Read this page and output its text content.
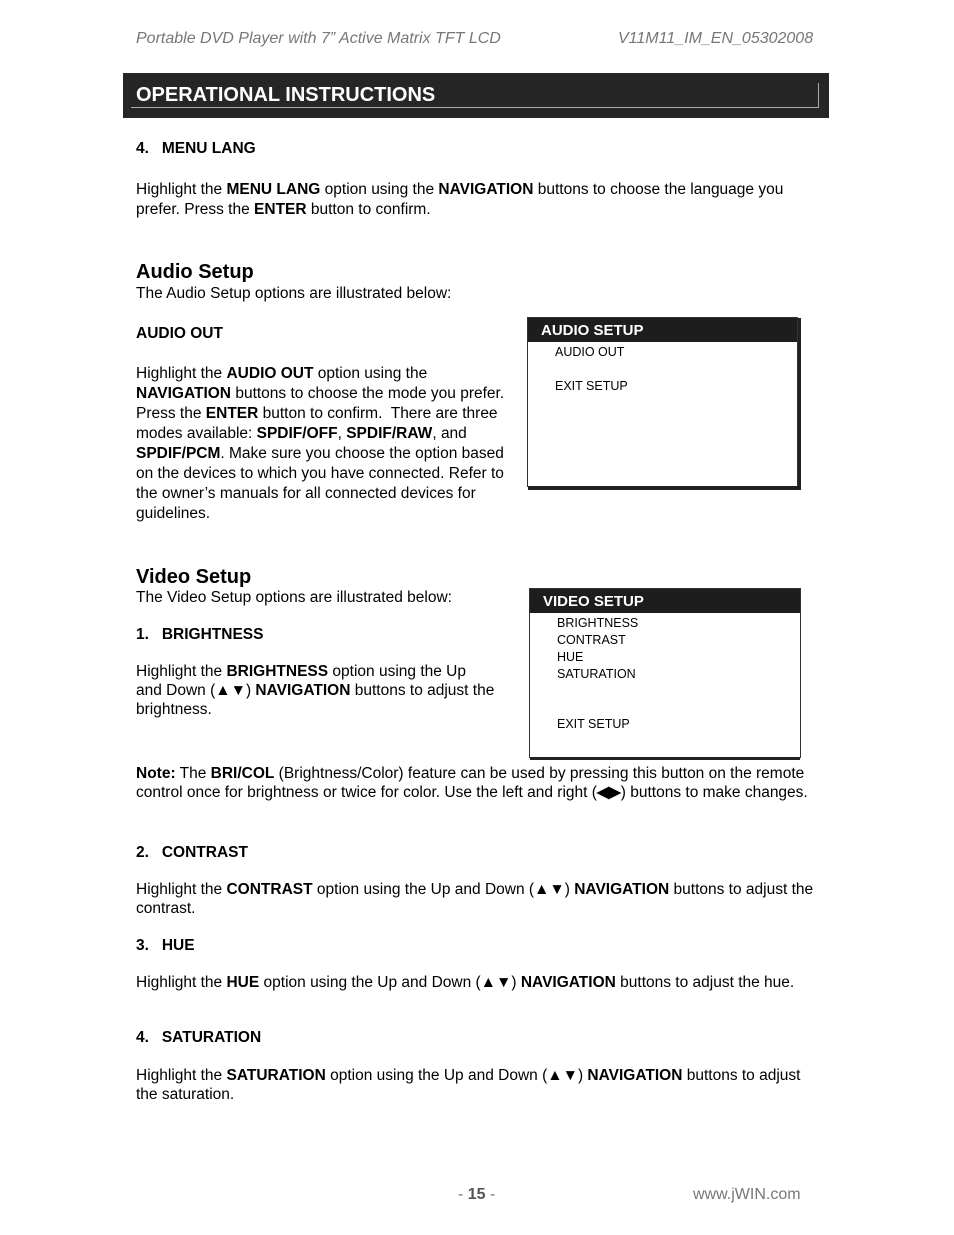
Portable DVD Player with 7” Active Matrix TFT LCD	V11M11_IM_EN_05302008
OPERATIONAL INSTRUCTIONS
4.   MENU LANG
Highlight the MENU LANG option using the NAVIGATION buttons to choose the language you prefer. Press the ENTER button to confirm.
Audio Setup
The Audio Setup options are illustrated below:
AUDIO OUT
Highlight the AUDIO OUT option using the NAVIGATION buttons to choose the mode you prefer. Press the ENTER button to confirm.  There are three modes available: SPDIF/OFF, SPDIF/RAW, and SPDIF/PCM. Make sure you choose the option based on the devices to which you have connected. Refer to the owner’s manuals for all connected devices for guidelines.
AUDIO SETUP
AUDIO OUT
EXIT SETUP
Video Setup
The Video Setup options are illustrated below:
1.   BRIGHTNESS
Highlight the BRIGHTNESS option using the Up and Down (▲▼) NAVIGATION buttons to adjust the brightness.
VIDEO SETUP
BRIGHTNESS
CONTRAST
HUE
SATURATION
EXIT SETUP
Note: The BRI/COL (Brightness/Color) feature can be used by pressing this button on the remote control once for brightness or twice for color. Use the left and right (◀▶) buttons to make changes.
2.   CONTRAST
Highlight the CONTRAST option using the Up and Down (▲▼) NAVIGATION buttons to adjust the contrast.
3.   HUE
Highlight the HUE option using the Up and Down (▲▼) NAVIGATION buttons to adjust the hue.
4.   SATURATION
Highlight the SATURATION option using the Up and Down (▲▼) NAVIGATION buttons to adjust the saturation.
- 15 -	www.jWIN.com
